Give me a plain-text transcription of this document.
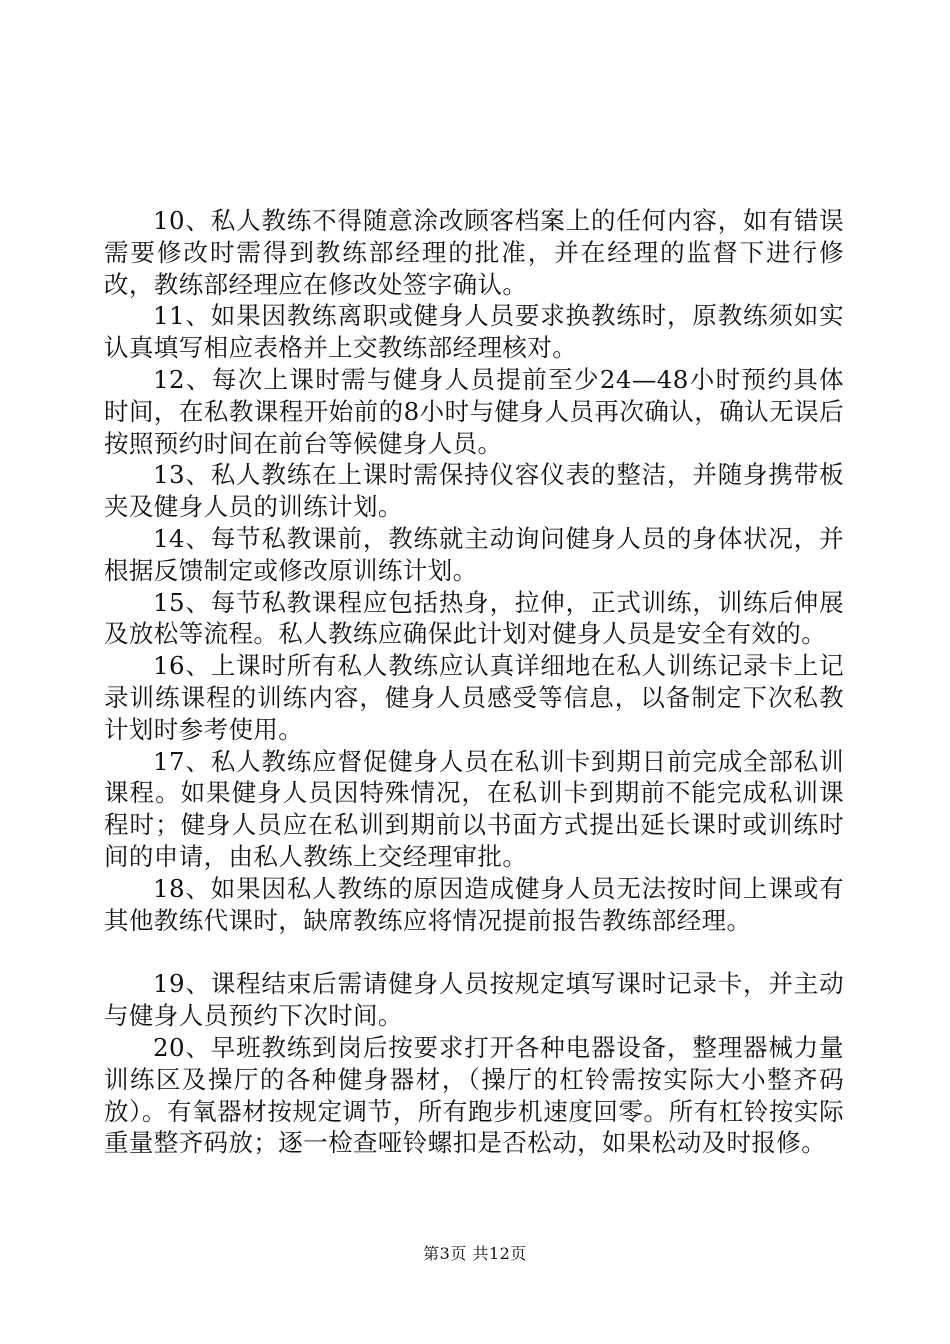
10、私人教练不得随意涂改顾客档案上的任何内容，如有错误需要修改时需得到教练部经理的批准，并在经理的监督下进行修改，教练部经理应在修改处签字确认。

11、如果因教练离职或健身人员要求换教练时，原教练须如实认真填写相应表格并上交教练部经理核对。

12、每次上课时需与健身人员提前至少24—48小时预约具体时间，在私教课程开始前的8小时与健身人员再次确认，确认无误后按照预约时间在前台等候健身人员。

13、私人教练在上课时需保持仪容仪表的整洁，并随身携带板夹及健身人员的训练计划。

14、每节私教课前，教练就主动询问健身人员的身体状况，并根据反馈制定或修改原训练计划。

15、每节私教课程应包括热身，拉伸，正式训练，训练后伸展及放松等流程。私人教练应确保此计划对健身人员是安全有效的。

16、上课时所有私人教练应认真详细地在私人训练记录卡上记录训练课程的训练内容，健身人员感受等信息，以备制定下次私教计划时参考使用。

17、私人教练应督促健身人员在私训卡到期日前完成全部私训课程。如果健身人员因特殊情况，在私训卡到期前不能完成私训课程时；健身人员应在私训到期前以书面方式提出延长课时或训练时间的申请，由私人教练上交经理审批。

18、如果因私人教练的原因造成健身人员无法按时间上课或有其他教练代课时，缺席教练应将情况提前报告教练部经理。

19、课程结束后需请健身人员按规定填写课时记录卡，并主动与健身人员预约下次时间。

20、早班教练到岗后按要求打开各种电器设备，整理器械力量训练区及操厅的各种健身器材，（操厅的杠铃需按实际大小整齐码放）。有氧器材按规定调节，所有跑步机速度回零。所有杠铃按实际重量整齐码放；逐一检查哑铃螺扣是否松动，如果松动及时报修。

第3页 共12页
